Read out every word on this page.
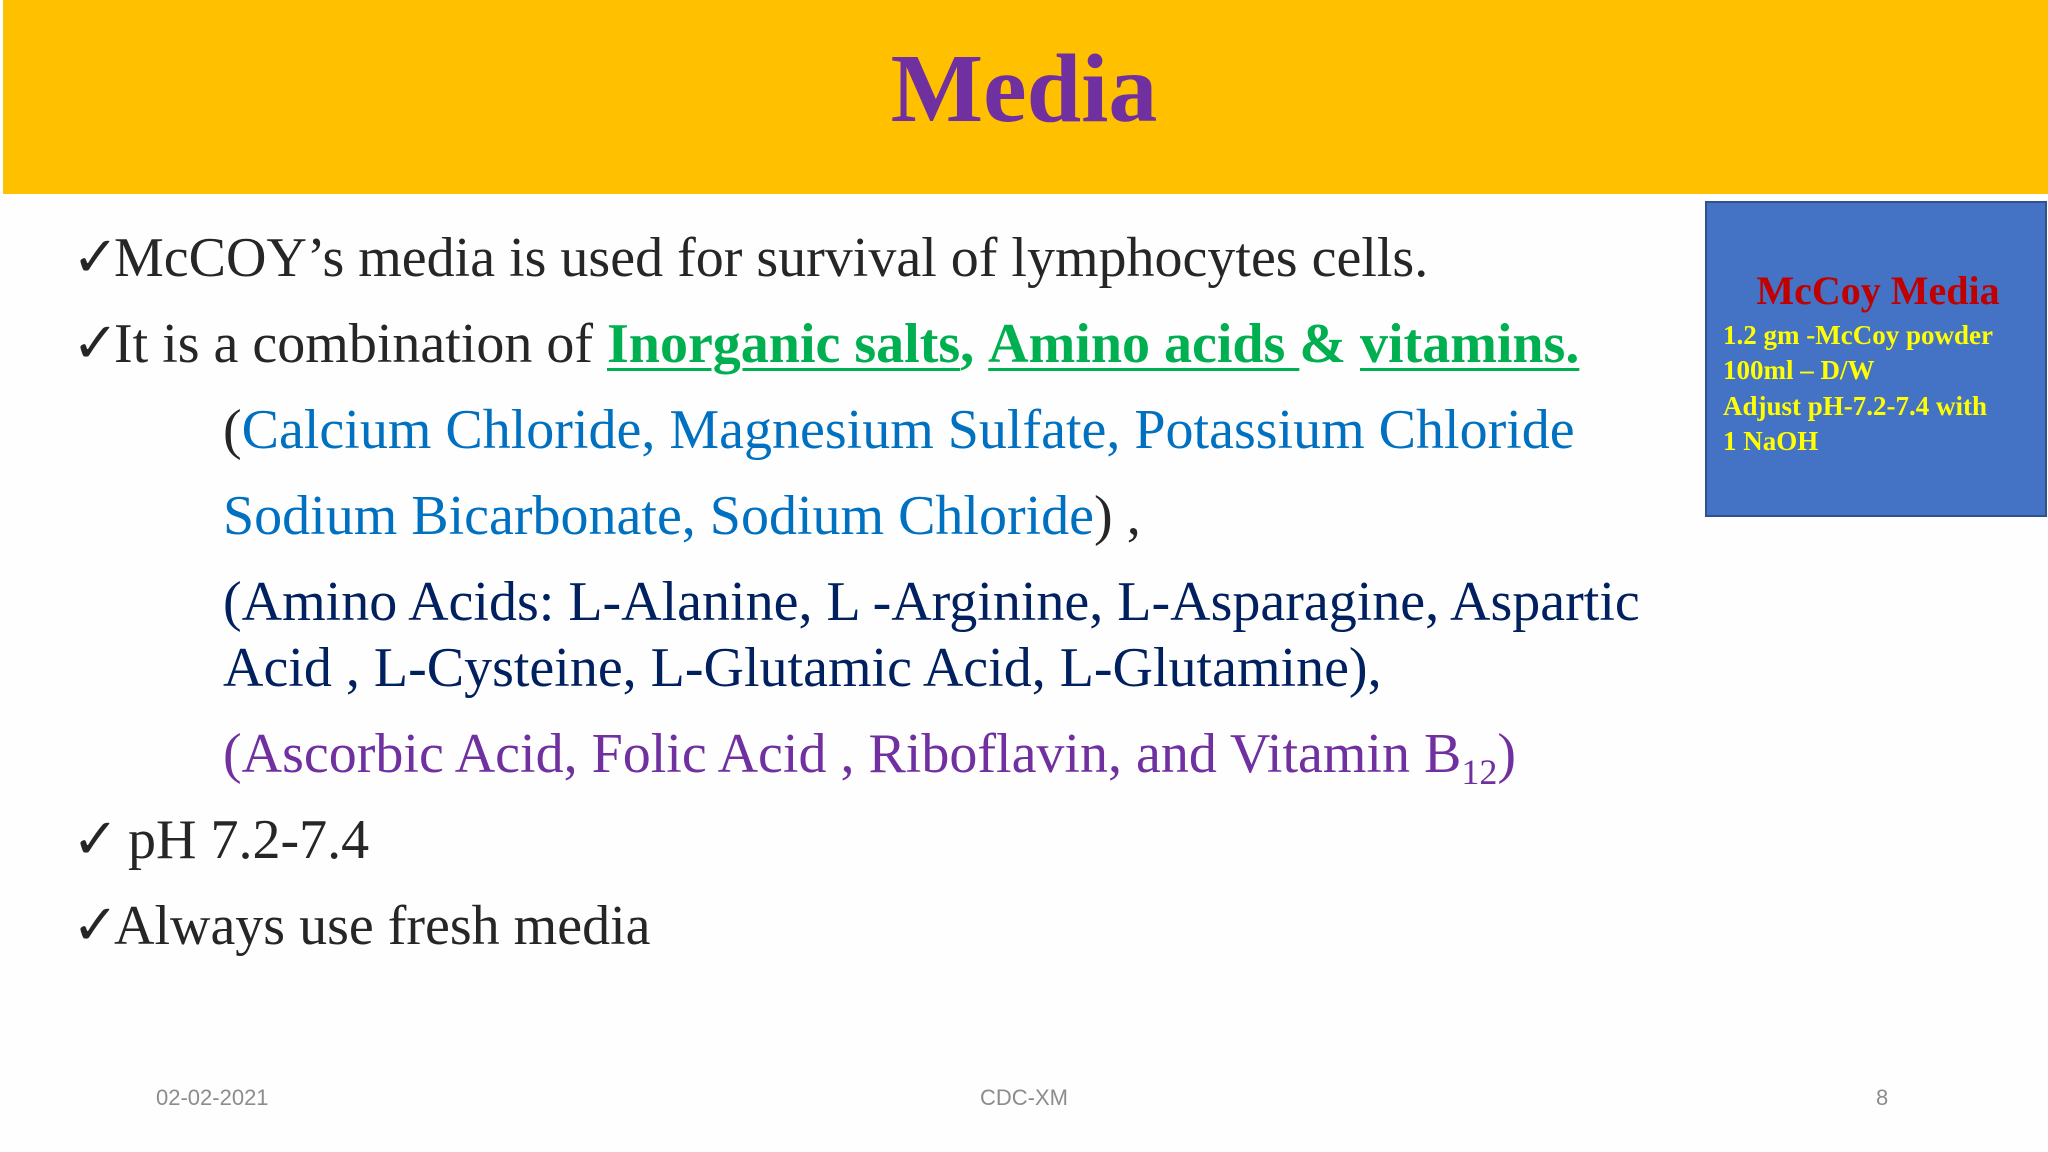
Media
✓McCOY’s media is used for survival of lymphocytes cells.
✓It is a combination of Inorganic salts, Amino acids & vitamins.
(Calcium Chloride, Magnesium Sulfate, Potassium Chloride
Sodium Bicarbonate, Sodium Chloride) ,
(Amino Acids: L-Alanine, L -Arginine, L-Asparagine, Aspartic
Acid , L-Cysteine, L-Glutamic Acid, L-Glutamine),
(Ascorbic Acid, Folic Acid , Riboflavin, and Vitamin $B_{12}$)
✓ pH 7.2-7.4
✓Always use fresh media
McCoy Media
1.2 gm -McCoy powder
100ml – D/W
Adjust pH-7.2-7.4 with
1 NaOH
02-02-2021	CDC-XM	8
